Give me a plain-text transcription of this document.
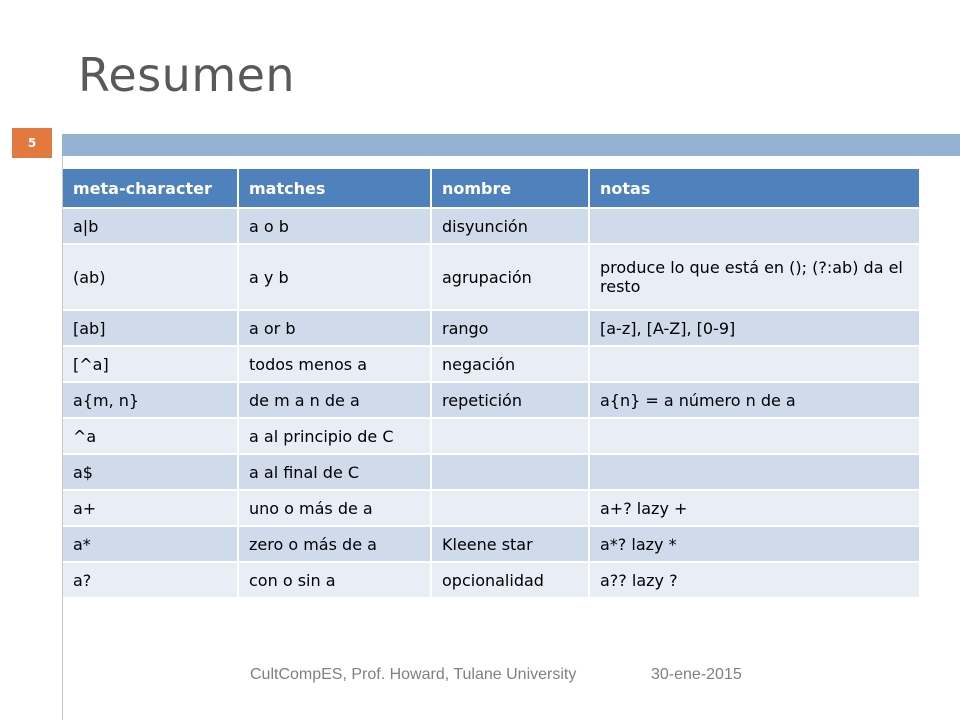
Resumen
5
meta-character	matches	nombre	notas
a|b	a o b	disyunción	
(ab)	a y b	agrupación	produce lo que está en (); (?:ab) da el resto
[ab]	a or b	rango	[a-z], [A-Z], [0-9]
[^a]	todos menos a	negación	
a{m, n}	de m a n de a	repetición	a{n} = a número n de a
^a	a al principio de C		
a$	a al final de C		
a+	uno o más de a		a+? lazy +
a*	zero o más de a	Kleene star	a*? lazy *
a?	con o sin a	opcionalidad	a?? lazy ?
CultCompES, Prof. Howard, Tulane University	30-ene-2015
